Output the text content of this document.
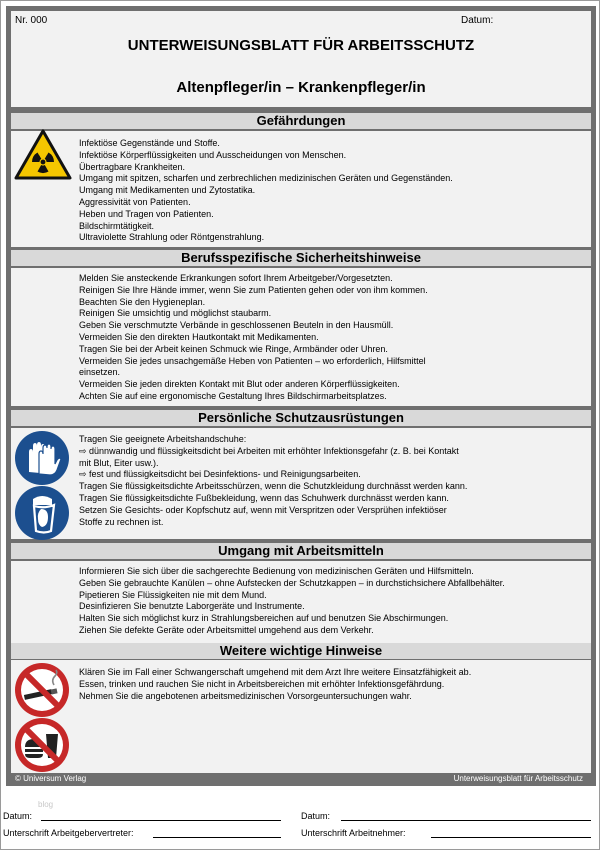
Nr. 000	Datum:
UNTERWEISUNGSBLATT FÜR ARBEITSSCHUTZ
Altenpfleger/in – Krankenpfleger/in
Gefährdungen
Infektiöse Gegenstände und Stoffe.
Infektiöse Körperflüssigkeiten und Ausscheidungen von Menschen.
Übertragbare Krankheiten.
Umgang mit spitzen, scharfen und zerbrechlichen medizinischen Geräten und Gegenständen.
Umgang mit Medikamenten und Zytostatika.
Aggressivität von Patienten.
Heben und Tragen von Patienten.
Bildschirmtätigkeit.
Ultraviolette Strahlung oder Röntgenstrahlung.
Berufsspezifische Sicherheitshinweise
Melden Sie ansteckende Erkrankungen sofort Ihrem Arbeitgeber/Vorgesetzten.
Reinigen Sie Ihre Hände immer, wenn Sie zum Patienten gehen oder von ihm kommen.
Beachten Sie den Hygieneplan.
Reinigen Sie umsichtig und möglichst staubarm.
Geben Sie verschmutzte Verbände in geschlossenen Beuteln in den Hausmüll.
Vermeiden Sie den direkten Hautkontakt mit Medikamenten.
Tragen Sie bei der Arbeit keinen Schmuck wie Ringe, Armbänder oder Uhren.
Vermeiden Sie jedes unsachgemäße Heben von Patienten – wo erforderlich, Hilfsmittel
einsetzen.
Vermeiden Sie jeden direkten Kontakt mit Blut oder anderen Körperflüssigkeiten.
Achten Sie auf eine ergonomische Gestaltung Ihres Bildschirmarbeitsplatzes.
Persönliche Schutzausrüstungen
Tragen Sie geeignete Arbeitshandschuhe:
⇨ dünnwandig und flüssigkeitsdicht bei Arbeiten mit erhöhter Infektionsgefahr (z. B. bei Kontakt
mit Blut, Eiter usw.).
⇨ fest und flüssigkeitsdicht bei Desinfektions- und Reinigungsarbeiten.
Tragen Sie flüssigkeitsdichte Arbeitsschürzen, wenn die Schutzkleidung durchnässt werden kann.
Tragen Sie flüssigkeitsdichte Fußbekleidung, wenn das Schuhwerk durchnässt werden kann.
Setzen Sie Gesichts- oder Kopfschutz auf, wenn mit Verspritzen oder Versprühen infektiöser
Stoffe zu rechnen ist.
Umgang mit Arbeitsmitteln
Informieren Sie sich über die sachgerechte Bedienung von medizinischen Geräten und Hilfsmitteln.
Geben Sie gebrauchte Kanülen – ohne Aufstecken der Schutzkappen – in durchstichsichere Abfallbehälter.
Pipetieren Sie Flüssigkeiten nie mit dem Mund.
Desinfizieren Sie benutzte Laborgeräte und Instrumente.
Halten Sie sich möglichst kurz in Strahlungsbereichen auf und benutzen Sie Abschirmungen.
Ziehen Sie defekte Geräte oder Arbeitsmittel umgehend aus dem Verkehr.
Weitere wichtige Hinweise
Klären Sie im Fall einer Schwangerschaft umgehend mit dem Arzt Ihre weitere Einsatzfähigkeit ab.
Essen, trinken und rauchen Sie nicht in Arbeitsbereichen mit erhöhter Infektionsgefährdung.
Nehmen Sie die angebotenen arbeitsmedizinischen Vorsorgeuntersuchungen wahr.
© Universum Verlag	Unterweisungsblatt für Arbeitsschutz
blog
Datum:	Datum:
Unterschrift Arbeitgebervertreter:	Unterschrift Arbeitnehmer:
